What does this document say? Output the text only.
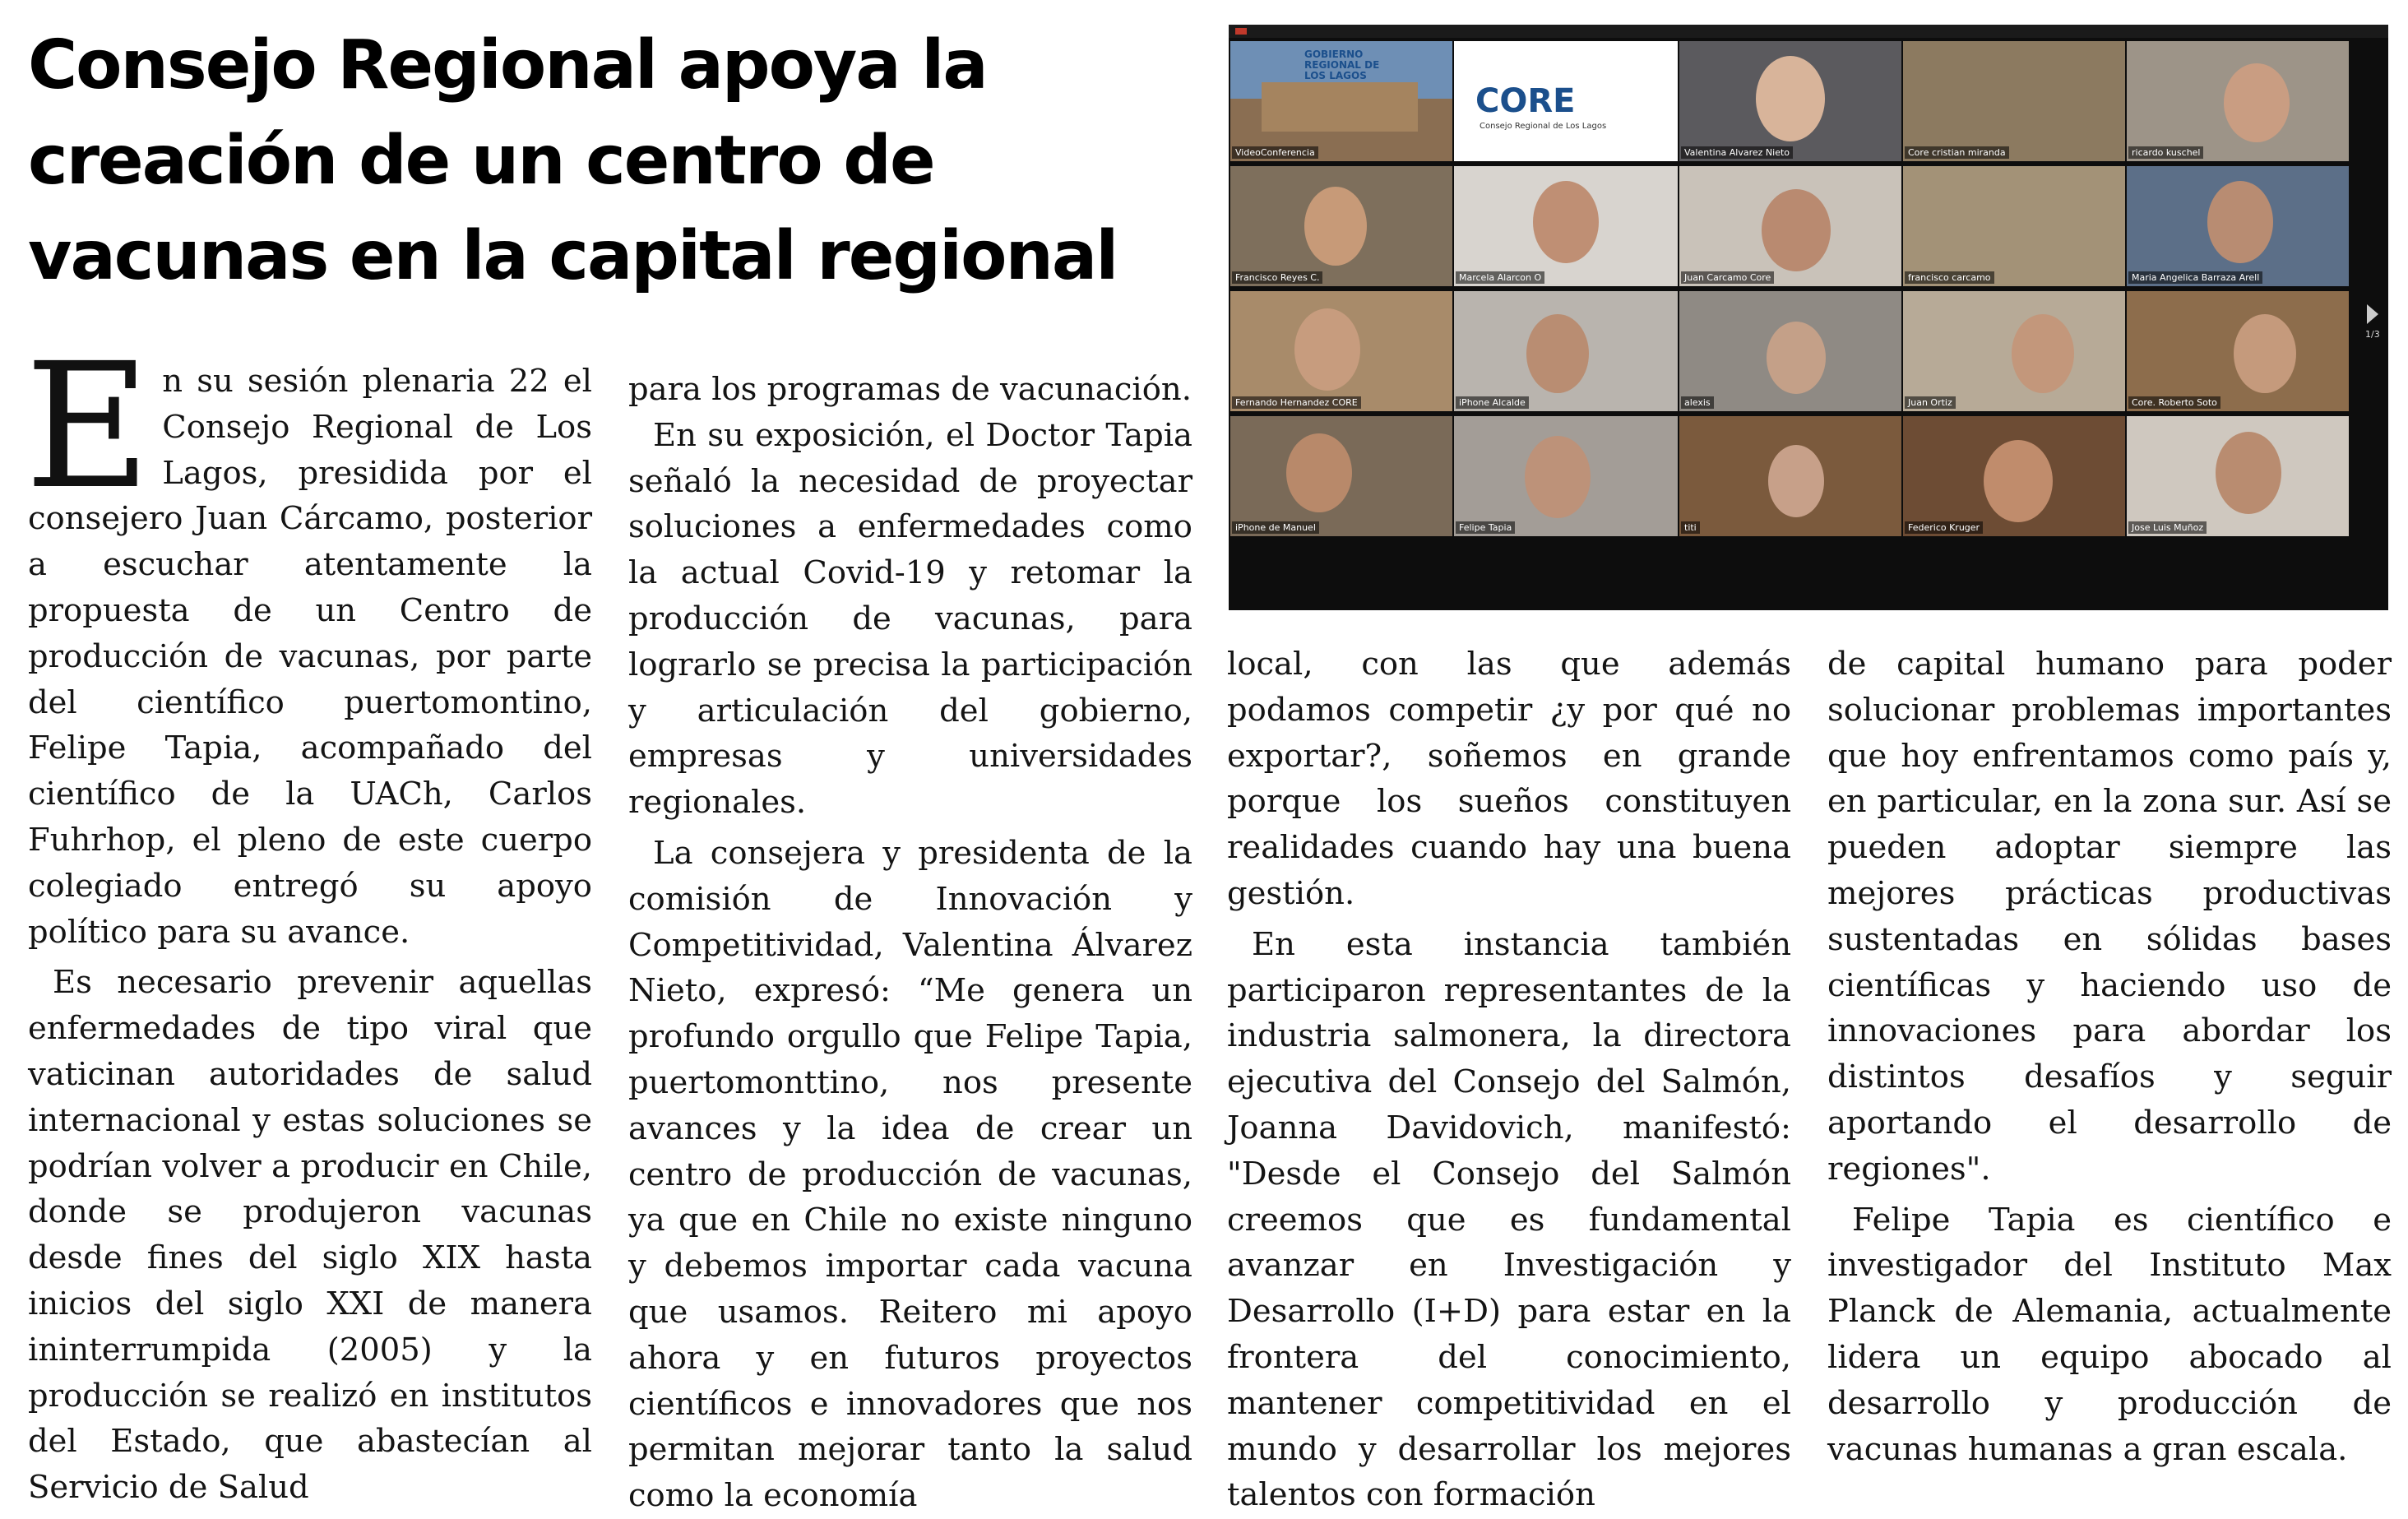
Consejo Regional apoya la
creación de un centro de
vacunas en la capital regional

En su sesión plenaria 22 el Consejo Regional de Los Lagos, presidida por el consejero Juan Cárcamo, posterior a escuchar atentamente la propuesta de un Centro de producción de vacunas, por parte del científico puertomontino, Felipe Tapia, acompañado del científico de la UACh, Carlos Fuhrhop, el pleno de este cuerpo colegiado entregó su apoyo político para su avance.

Es necesario prevenir aquellas enfermedades de tipo viral que vaticinan autoridades de salud internacional y estas soluciones se podrían volver a producir en Chile, donde se produjeron vacunas desde fines del siglo XIX hasta inicios del siglo XXI de manera ininterrumpida (2005) y la producción se realizó en institutos del Estado, que abastecían al Servicio de Salud

para los programas de vacunación.

En su exposición, el Doctor Tapia señaló la necesidad de proyectar soluciones a enfermedades como la actual Covid-19 y retomar la producción de vacunas, para lograrlo se precisa la participación y articulación del gobierno, empresas y universidades regionales.

La consejera y presidenta de la comisión de Innovación y Competitividad, Valentina Álvarez Nieto, expresó: “Me genera un profundo orgullo que Felipe Tapia, puertomonttino, nos presente avances y la idea de crear un centro de producción de vacunas, ya que en Chile no existe ninguno y debemos importar cada vacuna que usamos. Reitero mi apoyo ahora y en futuros proyectos científicos e innovadores que nos permitan mejorar tanto la salud como la economía

local, con las que además podamos competir ¿y por qué no exportar?, soñemos en grande porque los sueños constituyen realidades cuando hay una buena gestión.

En esta instancia también participaron representantes de la industria salmonera, la directora ejecutiva del Consejo del Salmón, Joanna Davidovich, manifestó: "Desde el Consejo del Salmón creemos que es fundamental avanzar en Investigación y Desarrollo (I+D) para estar en la frontera del conocimiento, mantener competitividad en el mundo y desarrollar los mejores talentos con formación

de capital humano para poder solucionar problemas importantes que hoy enfrentamos como país y, en particular, en la zona sur. Así se pueden adoptar siempre las mejores prácticas productivas sustentadas en sólidas bases científicas y haciendo uso de innovaciones para abordar los distintos desafíos y seguir aportando el desarrollo de regiones".

Felipe Tapia es científico e investigador del Instituto Max Planck de Alemania, actualmente lidera un equipo abocado al desarrollo y producción de vacunas humanas a gran escala.

GOBIERNO
REGIONAL DE
LOS LAGOS
CORE
Consejo Regional de Los Lagos
1/3
VideoConferencia	Valentina Alvarez Nieto	Core cristian miranda	ricardo kuschel
Francisco Reyes C.	Marcela Alarcon O	Juan Carcamo Core	francisco carcamo	Maria Angelica Barraza Arell
Fernando Hernandez CORE	iPhone Alcalde	alexis	Juan Ortiz	Core. Roberto Soto
iPhone de Manuel	Felipe Tapia	titi	Federico Kruger	Jose Luis Muñoz
